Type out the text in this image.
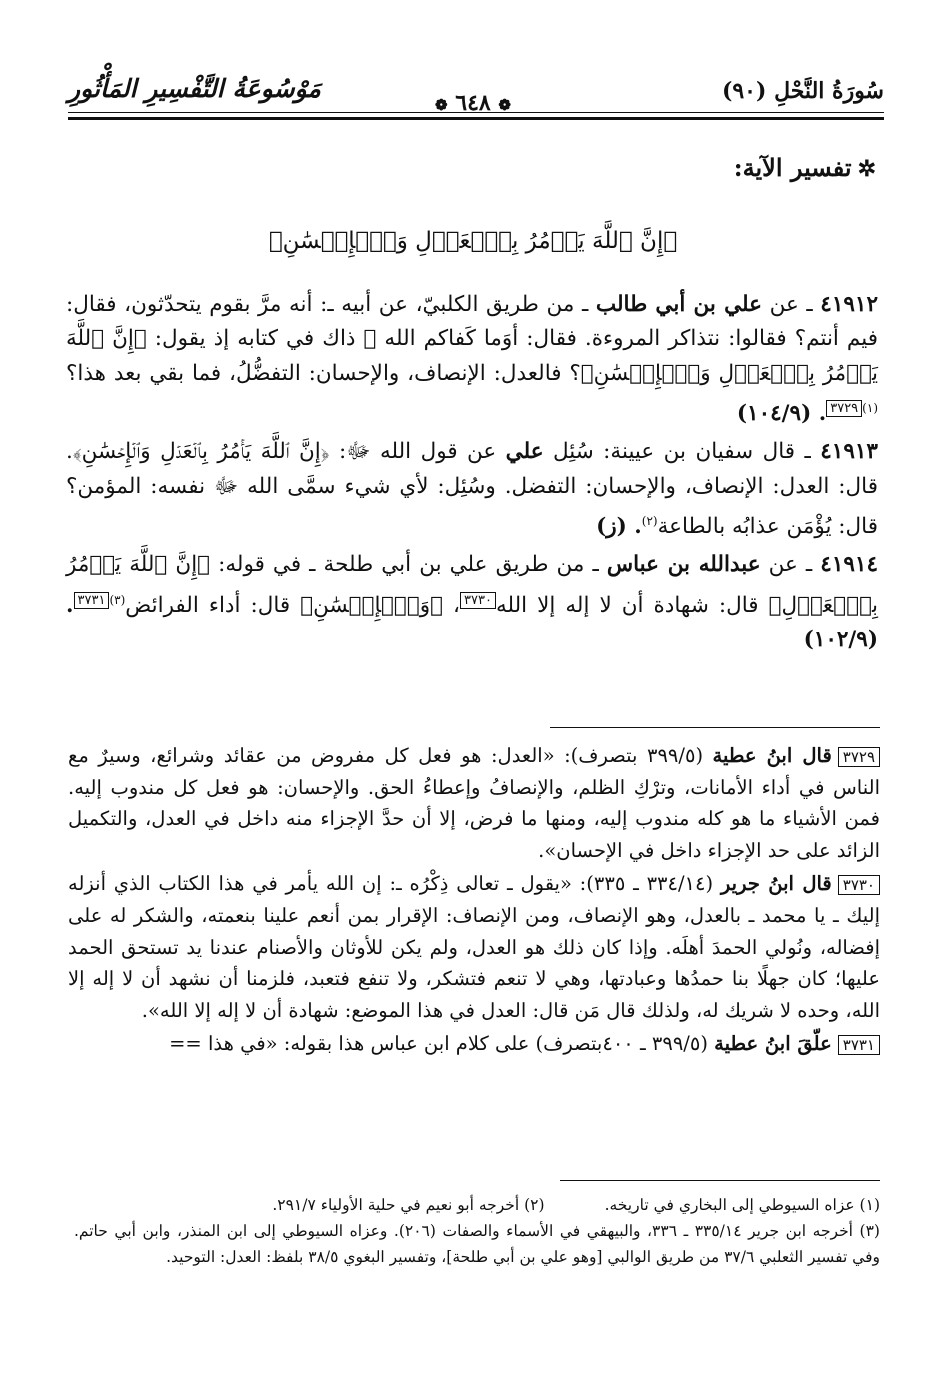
سُورَةُ النَّحْلِ (٩٠)
مَوْسُوعَةُ التَّفْسِيرِ المَأْثُورِ
❁ ٦٤٨ ❁
✲تفسير الآية:
﴿إِنَّ ٱللَّهَ يَأۡمُرُ بِٱلۡعَدۡلِ وَٱلۡإِحۡسَٰنِ﴾

٤١٩١٢ ـ عن علي بن أبي طالب ـ من طريق الكلبيّ، عن أبيه ـ: أنه مرَّ بقوم يتحدّثون، فقال: فيم أنتم؟ فقالوا: نتذاكر المروءة. فقال: أوَما كَفاكم الله ﷻ ذاك في كتابه إذ يقول: ﴿إِنَّ ٱللَّهَ يَأۡمُرُ بِٱلۡعَدۡلِ وَٱلۡإِحۡسَٰنِ﴾؟ فالعدل: الإنصاف، والإحسان: التفضُّلُ، فما بقي بعد هذا؟$^{(١)٣٧٢٩}$. (١٠٤/٩)

٤١٩١٣ ـ قال سفيان بن عيينة: سُئِل علي عن قول الله ﷻ: ﴿إِنَّ ٱللَّهَ يَأۡمُرُ بِٱلۡعَدۡلِ وَٱلۡإِحۡسَٰنِ﴾. قال: العدل: الإنصاف، والإحسان: التفضل. وسُئِل: لأي شيء سمَّى الله ﷻ نفسه: المؤمن؟ قال: يُؤْمَن عذابُه بالطاعة$^{(٢)}$. (ز)

٤١٩١٤ ـ عن عبدالله بن عباس ـ من طريق علي بن أبي طلحة ـ في قوله: ﴿إِنَّ ٱللَّهَ يَأۡمُرُ بِٱلۡعَدۡلِ﴾ قال: شهادة أن لا إله إلا الله$^{٣٧٣٠}$، ﴿وَٱلۡإِحۡسَٰنِ﴾ قال: أداء الفرائض$^{(٣)٣٧٣١}$. (١٠٢/٩)

٣٧٢٩قال ابنُ عطية (٣٩٩/٥ بتصرف): «العدل: هو فعل كل مفروض من عقائد وشرائع، وسيرٌ مع الناس في أداء الأمانات، وترْكِ الظلم، والإنصافُ وإعطاءُ الحق. والإحسان: هو فعل كل مندوب إليه. فمن الأشياء ما هو كله مندوب إليه، ومنها ما فرض، إلا أن حدَّ الإجزاء منه داخل في العدل، والتكميل الزائد على حد الإجزاء داخل في الإحسان».

٣٧٣٠قال ابنُ جرير (٣٣٤/١٤ ـ ٣٣٥): «يقول ـ تعالى ذِكْرُه ـ: إن الله يأمر في هذا الكتاب الذي أنزله إليك ـ يا محمد ـ بالعدل، وهو الإنصاف، ومن الإنصاف: الإقرار بمن أنعم علينا بنعمته، والشكر له على إفضاله، ونُولي الحمدَ أهلَه. وإذا كان ذلك هو العدل، ولم يكن للأوثان والأصنام عندنا يد تستحق الحمد عليها؛ كان جهلًا بنا حمدُها وعبادتها، وهي لا تنعم فتشكر، ولا تنفع فتعبد، فلزمنا أن نشهد أن لا إله إلا الله، وحده لا شريك له، ولذلك قال مَن قال: العدل في هذا الموضع: شهادة أن لا إله إلا الله».

٣٧٣١علّقَ ابنُ عطية (٣٩٩/٥ ـ ٤٠٠بتصرف) على كلام ابن عباس هذا بقوله: «في هذا ==

(١) عزاه السيوطي إلى البخاري في تاريخه.
(٢) أخرجه أبو نعيم في حلية الأولياء ٢٩١/٧.

(٣) أخرجه ابن جرير ٣٣٥/١٤ ـ ٣٣٦، والبيهقي في الأسماء والصفات (٢٠٦). وعزاه السيوطي إلى ابن المنذر، وابن أبي حاتم. وفي تفسير الثعلبي ٣٧/٦ من طريق الوالبي [وهو علي بن أبي طلحة]، وتفسير البغوي ٣٨/٥ بلفظ: العدل: التوحيد.
